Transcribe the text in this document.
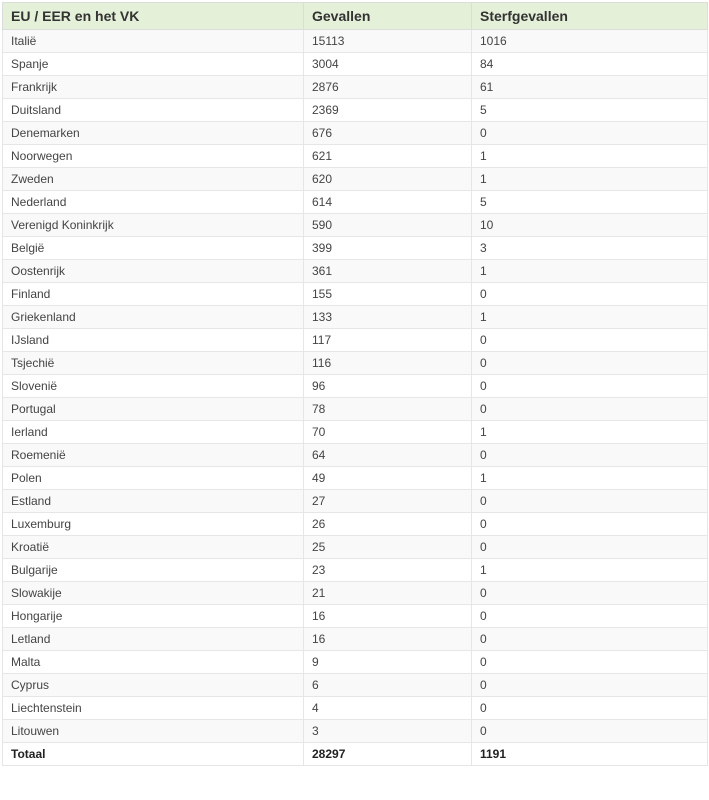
EU / EER en het VK	Gevallen	Sterfgevallen
Italië	15113	1016
Spanje	3004	84
Frankrijk	2876	61
Duitsland	2369	5
Denemarken	676	0
Noorwegen	621	1
Zweden	620	1
Nederland	614	5
Verenigd Koninkrijk	590	10
België	399	3
Oostenrijk	361	1
Finland	155	0
Griekenland	133	1
IJsland	117	0
Tsjechië	116	0
Slovenië	96	0
Portugal	78	0
Ierland	70	1
Roemenië	64	0
Polen	49	1
Estland	27	0
Luxemburg	26	0
Kroatië	25	0
Bulgarije	23	1
Slowakije	21	0
Hongarije	16	0
Letland	16	0
Malta	9	0
Cyprus	6	0
Liechtenstein	4	0
Litouwen	3	0
Totaal	28297	1191
